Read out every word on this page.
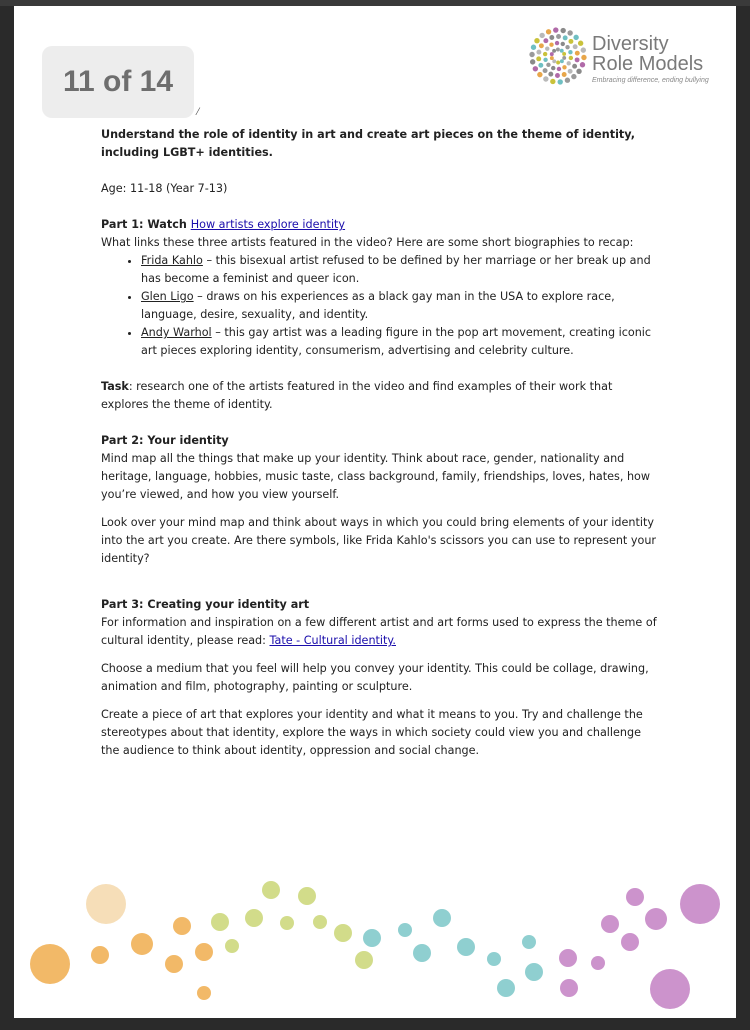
Diversity
Role Models
Embracing difference, ending bullying

Understand the role of identity in art and create art pieces on the theme of identity, including LGBT+ identities.

Age: 11-18 (Year 7-13)

Part 1: Watch How artists explore identity

What links these three artists featured in the video? Here are some short biographies to recap:

• Frida Kahlo – this bisexual artist refused to be defined by her marriage or her break up and has become a feminist and queer icon.
• Glen Ligo – draws on his experiences as a black gay man in the USA to explore race, language, desire, sexuality, and identity.
• Andy Warhol – this gay artist was a leading figure in the pop art movement, creating iconic art pieces exploring identity, consumerism, advertising and celebrity culture.

Task: research one of the artists featured in the video and find examples of their work that explores the theme of identity.

Part 2: Your identity

Mind map all the things that make up your identity. Think about race, gender, nationality and heritage, language, hobbies, music taste, class background, family, friendships, loves, hates, how you’re viewed, and how you view yourself.

Look over your mind map and think about ways in which you could bring elements of your identity into the art you create. Are there symbols, like Frida Kahlo's scissors you can use to represent your identity?

Part 3: Creating your identity art

For information and inspiration on a few different artist and art forms used to express the theme of cultural identity, please read: Tate - Cultural identity.

Choose a medium that you feel will help you convey your identity. This could be collage, drawing, animation and film, photography, painting or sculpture.

Create a piece of art that explores your identity and what it means to you. Try and challenge the stereotypes about that identity, explore the ways in which society could view you and challenge the audience to think about identity, oppression and social change.

11 of 14
/
